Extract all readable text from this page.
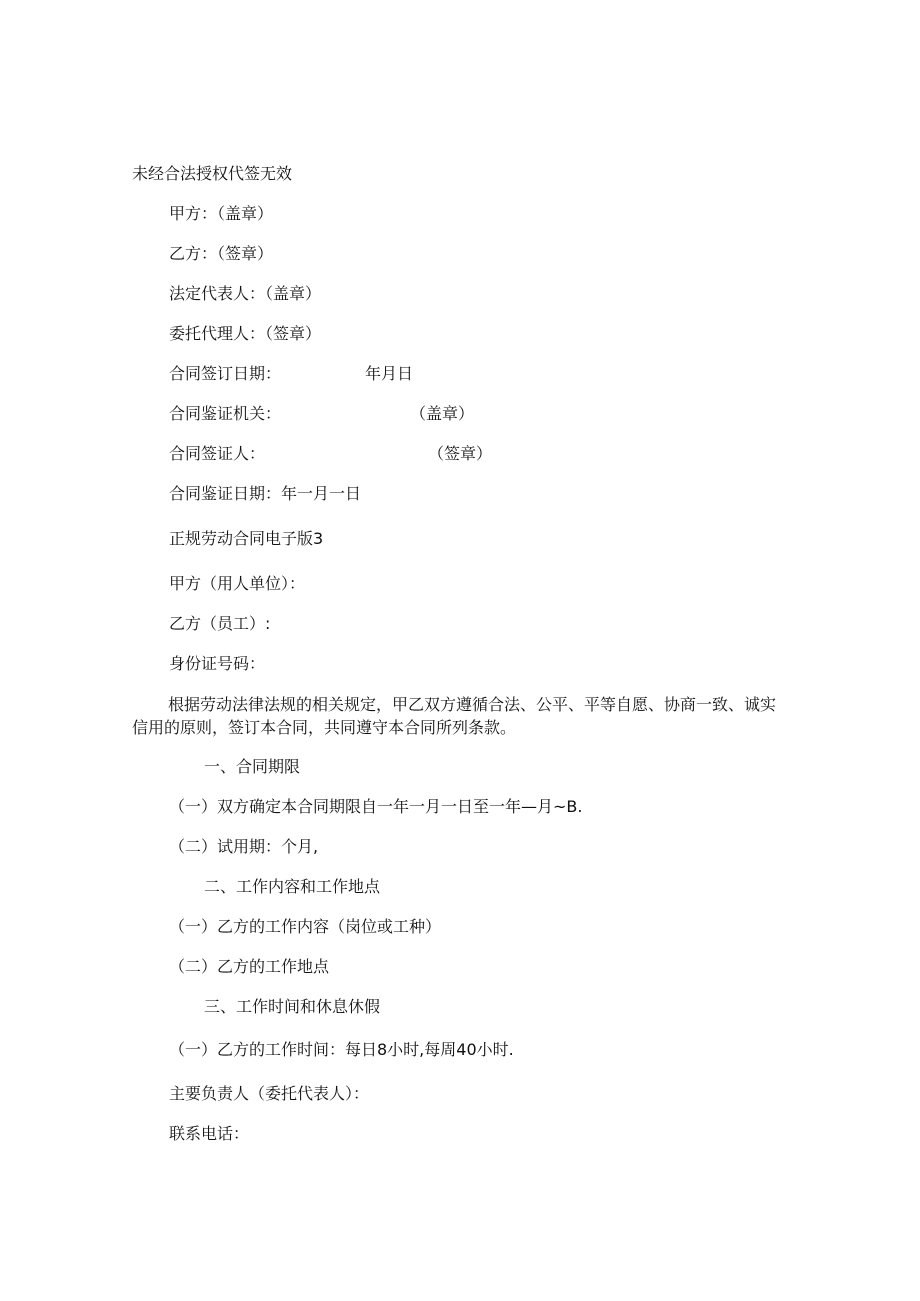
未经合法授权代签无效
甲方：（盖章）
乙方：（签章）
法定代表人：（盖章）
委托代理人：（签章）
合同签订日期：	年月日
合同鉴证机关：	（盖章）
合同签证人：	（签章）
合同鉴证日期：年一月一日
正规劳动合同电子版3
甲方（用人单位）：
乙方（员工）:
身份证号码：
根据劳动法律法规的相关规定，甲乙双方遵循合法、公平、平等自愿、协商一致、诚实信用的原则，签订本合同，共同遵守本合同所列条款。
一、合同期限
（一）双方确定本合同期限自一年一月一日至一年—月~B.
（二）试用期：个月,
二、工作内容和工作地点
（一）乙方的工作内容（岗位或工种）
（二）乙方的工作地点
三、工作时间和休息休假
（一）乙方的工作时间：每日8小时,每周40小时.
主要负责人（委托代表人）：
联系电话：
